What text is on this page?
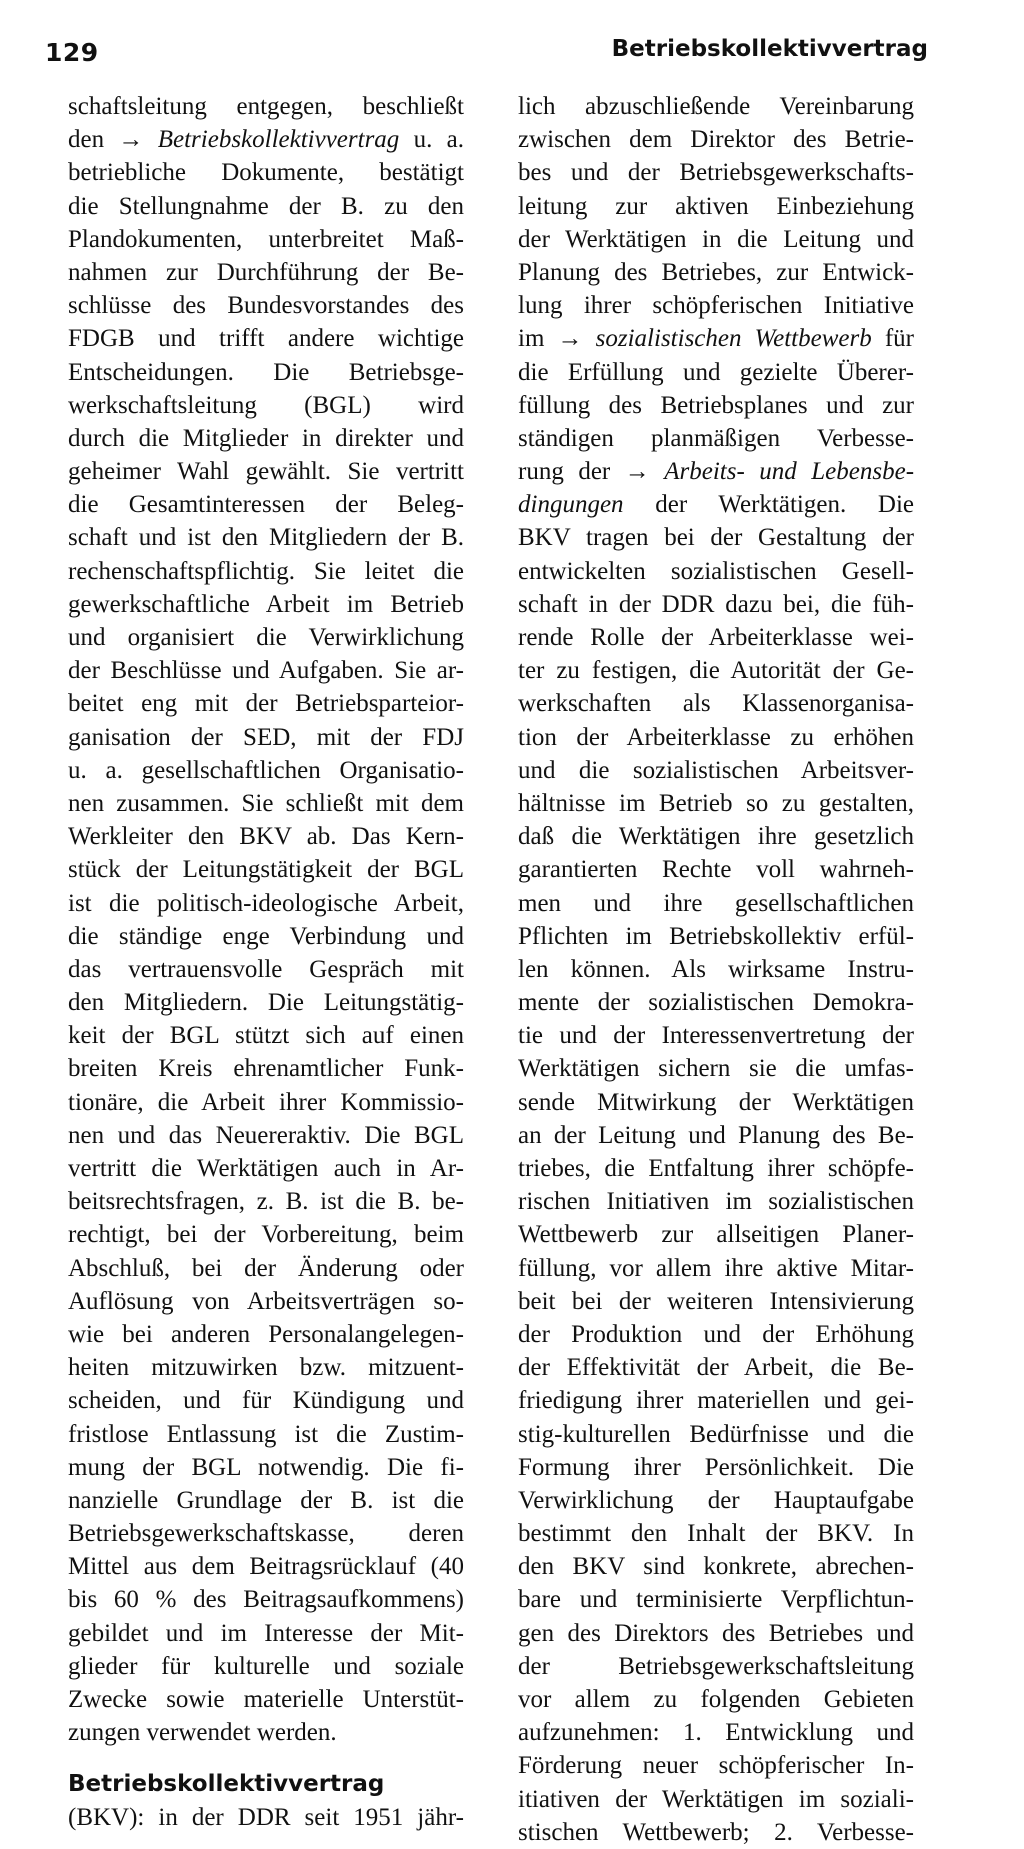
129	Betriebskollektivvertrag
schaftsleitung entgegen, beschließt
den → Betriebskollektivvertrag u. a.
betriebliche Dokumente, bestätigt
die Stellungnahme der B. zu den
Plandokumenten, unterbreitet Maß-
nahmen zur Durchführung der Be-
schlüsse des Bundesvorstandes des
FDGB und trifft andere wichtige
Entscheidungen. Die Betriebsge-
werkschaftsleitung (BGL) wird
durch die Mitglieder in direkter und
geheimer Wahl gewählt. Sie vertritt
die Gesamtinteressen der Beleg-
schaft und ist den Mitgliedern der B.
rechenschaftspflichtig. Sie leitet die
gewerkschaftliche Arbeit im Betrieb
und organisiert die Verwirklichung
der Beschlüsse und Aufgaben. Sie ar-
beitet eng mit der Betriebsparteior-
ganisation der SED, mit der FDJ
u. a. gesellschaftlichen Organisatio-
nen zusammen. Sie schließt mit dem
Werkleiter den BKV ab. Das Kern-
stück der Leitungstätigkeit der BGL
ist die politisch-ideologische Arbeit,
die ständige enge Verbindung und
das vertrauensvolle Gespräch mit
den Mitgliedern. Die Leitungstätig-
keit der BGL stützt sich auf einen
breiten Kreis ehrenamtlicher Funk-
tionäre, die Arbeit ihrer Kommissio-
nen und das Neuereraktiv. Die BGL
vertritt die Werktätigen auch in Ar-
beitsrechtsfragen, z. B. ist die B. be-
rechtigt, bei der Vorbereitung, beim
Abschluß, bei der Änderung oder
Auflösung von Arbeitsverträgen so-
wie bei anderen Personalangelegen-
heiten mitzuwirken bzw. mitzuent-
scheiden, und für Kündigung und
fristlose Entlassung ist die Zustim-
mung der BGL notwendig. Die fi-
nanzielle Grundlage der B. ist die
Betriebsgewerkschaftskasse, deren
Mittel aus dem Beitragsrücklauf (40
bis 60 % des Beitragsaufkommens)
gebildet und im Interesse der Mit-
glieder für kulturelle und soziale
Zwecke sowie materielle Unterstüt-
zungen verwendet werden.
Betriebskollektivvertrag
(BKV): in der DDR seit 1951 jähr-
lich abzuschließende Vereinbarung
zwischen dem Direktor des Betrie-
bes und der Betriebsgewerkschafts-
leitung zur aktiven Einbeziehung
der Werktätigen in die Leitung und
Planung des Betriebes, zur Entwick-
lung ihrer schöpferischen Initiative
im → sozialistischen Wettbewerb für
die Erfüllung und gezielte Überer-
füllung des Betriebsplanes und zur
ständigen planmäßigen Verbesse-
rung der → Arbeits- und Lebensbe-
dingungen der Werktätigen. Die
BKV tragen bei der Gestaltung der
entwickelten sozialistischen Gesell-
schaft in der DDR dazu bei, die füh-
rende Rolle der Arbeiterklasse wei-
ter zu festigen, die Autorität der Ge-
werkschaften als Klassenorganisa-
tion der Arbeiterklasse zu erhöhen
und die sozialistischen Arbeitsver-
hältnisse im Betrieb so zu gestalten,
daß die Werktätigen ihre gesetzlich
garantierten Rechte voll wahrneh-
men und ihre gesellschaftlichen
Pflichten im Betriebskollektiv erfül-
len können. Als wirksame Instru-
mente der sozialistischen Demokra-
tie und der Interessenvertretung der
Werktätigen sichern sie die umfas-
sende Mitwirkung der Werktätigen
an der Leitung und Planung des Be-
triebes, die Entfaltung ihrer schöpfe-
rischen Initiativen im sozialistischen
Wettbewerb zur allseitigen Planer-
füllung, vor allem ihre aktive Mitar-
beit bei der weiteren Intensivierung
der Produktion und der Erhöhung
der Effektivität der Arbeit, die Be-
friedigung ihrer materiellen und gei-
stig-kulturellen Bedürfnisse und die
Formung ihrer Persönlichkeit. Die
Verwirklichung der Hauptaufgabe
bestimmt den Inhalt der BKV. In
den BKV sind konkrete, abrechen-
bare und terminisierte Verpflichtun-
gen des Direktors des Betriebes und
der Betriebsgewerkschaftsleitung
vor allem zu folgenden Gebieten
aufzunehmen: 1. Entwicklung und
Förderung neuer schöpferischer In-
itiativen der Werktätigen im soziali-
stischen Wettbewerb; 2. Verbesse-
